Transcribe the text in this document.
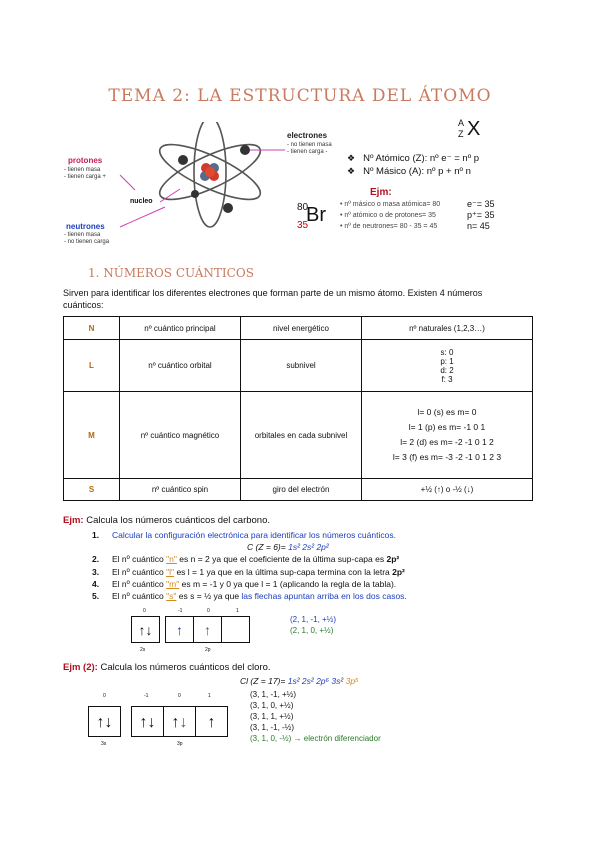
TEMA 2: LA ESTRUCTURA DEL ÁTOMO
A
Z X
❖ Nº Atómico (Z): nº e⁻ = nº p
❖ Nº Másico (A): nº p + nº n
electrones
- no tienen masa
- tienen carga -
protones
- tienen masa
- tienen carga +
nucleo
neutrones
- tienen masa
- no tienen carga
Ejm:
80
35
Br • nº másico o masa atómica= 80
• nº atómico o de protones= 35
• nº de neutrones= 80 - 35 = 45
e⁻= 35
p⁺= 35
n= 45
1. NÚMEROS CUÁNTICOS
Sirven para identificar los diferentes electrones que forman parte de un mismo átomo. Existen 4 números cuánticos:
N	nº cuántico principal	nivel energético	nº naturales (1,2,3…)
L	nº cuántico orbital	subnivel	s: 0
p: 1
d: 2
f: 3

M	nº cuántico magnético	orbitales en cada subnivel	l= 0 (s) es m= 0
l= 1 (p) es m= -1 0 1
l= 2 (d) es m= -2 -1 0 1 2
l= 3 (f) es m= -3 -2 -1 0 1 2 3

S	nº cuántico spin	giro del electrón	+½ (↑) o -½ (↓)
Ejm: Calcula los números cuánticos del carbono.
1. Calcular la configuración electrónica para identificar los números cuánticos.
C (Z = 6)= 1s² 2s² 2p²
2. El nº cuántico "n" es n = 2 ya que el coeficiente de la última sup-capa es 2p²
3. El nº cuántico "l" es l = 1 ya que en la última sup-capa termina con la letra 2p²
4. El nº cuántico "m" es m = -1 y 0 ya que l = 1 (aplicando la regla de la tabla).
5. El nº cuántico "s" es s = ½ ya que las flechas apuntan arriba en los dos casos.
0	-1	0	1
↑↓	↑	↑
2s	2p
(2, 1, -1, +½)
(2, 1, 0, +½)
Ejm (2): Calcula los números cuánticos del cloro.
Cl (Z = 17)= 1s² 2s² 2p⁶ 3s² 3p⁵
(3, 1, -1, +½)
(3, 1, 0, +½)
(3, 1, 1, +½)
(3, 1, -1, -½)
(3, 1, 0, -½) → electrón diferenciador
0	-1	0	1
↑↓	↑↓	↑↓	↑
3s	3p
